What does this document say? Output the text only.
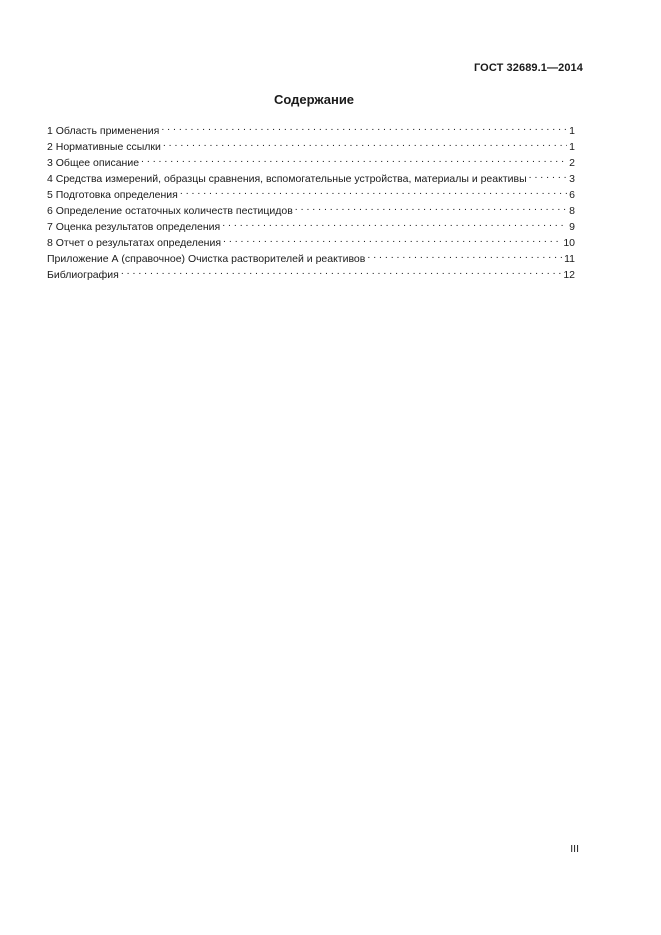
ГОСТ 32689.1—2014
Содержание
1 Область применения . . .	1
2 Нормативные ссылки . . .	1
3 Общее описание . . .	2
4 Средства измерений, образцы сравнения, вспомогательные устройства, материалы и реактивы . . .	3
5 Подготовка определения . . .	6
6 Определение остаточных количеств пестицидов . . .	8
7 Оценка результатов определения . . .	9
8 Отчет о результатах определения . . .	10
Приложение А (справочное) Очистка растворителей и реактивов . . .	11
Библиография . . .	12
III
